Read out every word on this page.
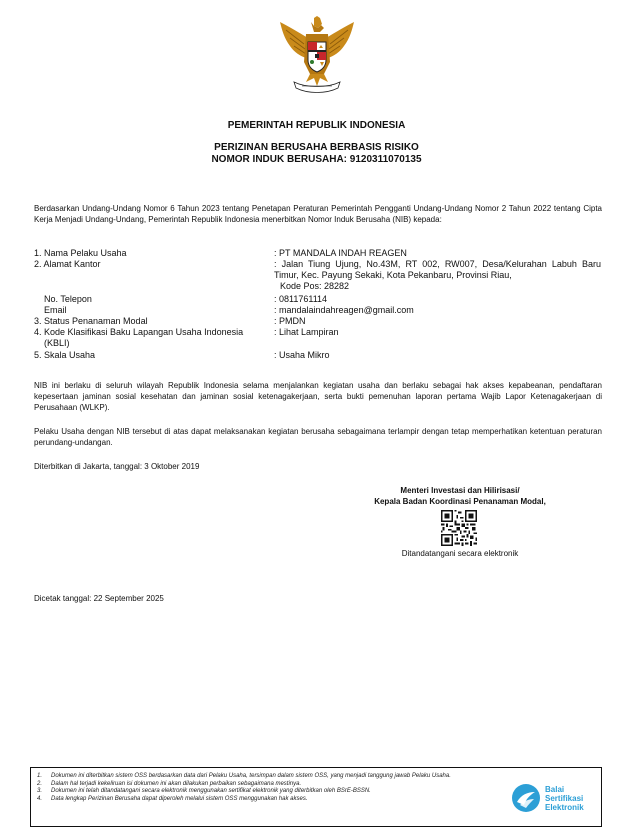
PEMERINTAH REPUBLIK INDONESIA
PERIZINAN BERUSAHA BERBASIS RISIKO
NOMOR INDUK BERUSAHA: 9120311070135
Berdasarkan Undang-Undang Nomor 6 Tahun 2023 tentang Penetapan Peraturan Pemerintah Pengganti Undang-Undang Nomor 2 Tahun 2022 tentang Cipta Kerja Menjadi Undang-Undang, Pemerintah Republik Indonesia menerbitkan Nomor Induk Berusaha (NIB) kepada:
1. Nama Pelaku Usaha	: PT MANDALA INDAH REAGEN
2. Alamat Kantor	: Jalan Tiung Ujung, No.43M, RT 002, RW007, Desa/Kelurahan Labuh Baru Timur, Kec. Payung Sekaki, Kota Pekanbaru, Provinsi Riau,
Kode Pos: 28282
No. Telepon	: 0811761114
Email	: mandalaindahreagen@gmail.com
3. Status Penanaman Modal	: PMDN
4. Kode Klasifikasi Baku Lapangan Usaha Indonesia
(KBLI)
: Lihat Lampiran
5. Skala Usaha	: Usaha Mikro
NIB ini berlaku di seluruh wilayah Republik Indonesia selama menjalankan kegiatan usaha dan berlaku sebagai hak akses kepabeanan, pendaftaran kepesertaan jaminan sosial kesehatan dan jaminan sosial ketenagakerjaan, serta bukti pemenuhan laporan pertama Wajib Lapor Ketenagakerjaan di Perusahaan (WLKP).
Pelaku Usaha dengan NIB tersebut di atas dapat melaksanakan kegiatan berusaha sebagaimana terlampir dengan tetap memperhatikan ketentuan peraturan perundang-undangan.
Diterbitkan di Jakarta, tanggal: 3 Oktober 2019
Menteri Investasi dan Hilirisasi/
Kepala Badan Koordinasi Penanaman Modal,
Ditandatangani secara elektronik
Dicetak tanggal: 22 September 2025
1. Dokumen ini diterbitkan sistem OSS berdasarkan data dari Pelaku Usaha, tersimpan dalam sistem OSS, yang menjadi tanggung jawab Pelaku Usaha.
2. Dalam hal terjadi kekeliruan isi dokumen ini akan dilakukan perbaikan sebagaimana mestinya.
3. Dokumen ini telah ditandatangani secara elektronik menggunakan sertifikat elektronik yang diterbitkan oleh BSrE-BSSN.
4. Data lengkap Perizinan Berusaha dapat diperoleh melalui sistem OSS menggunakan hak akses.
Balai
Sertifikasi
Elektronik
